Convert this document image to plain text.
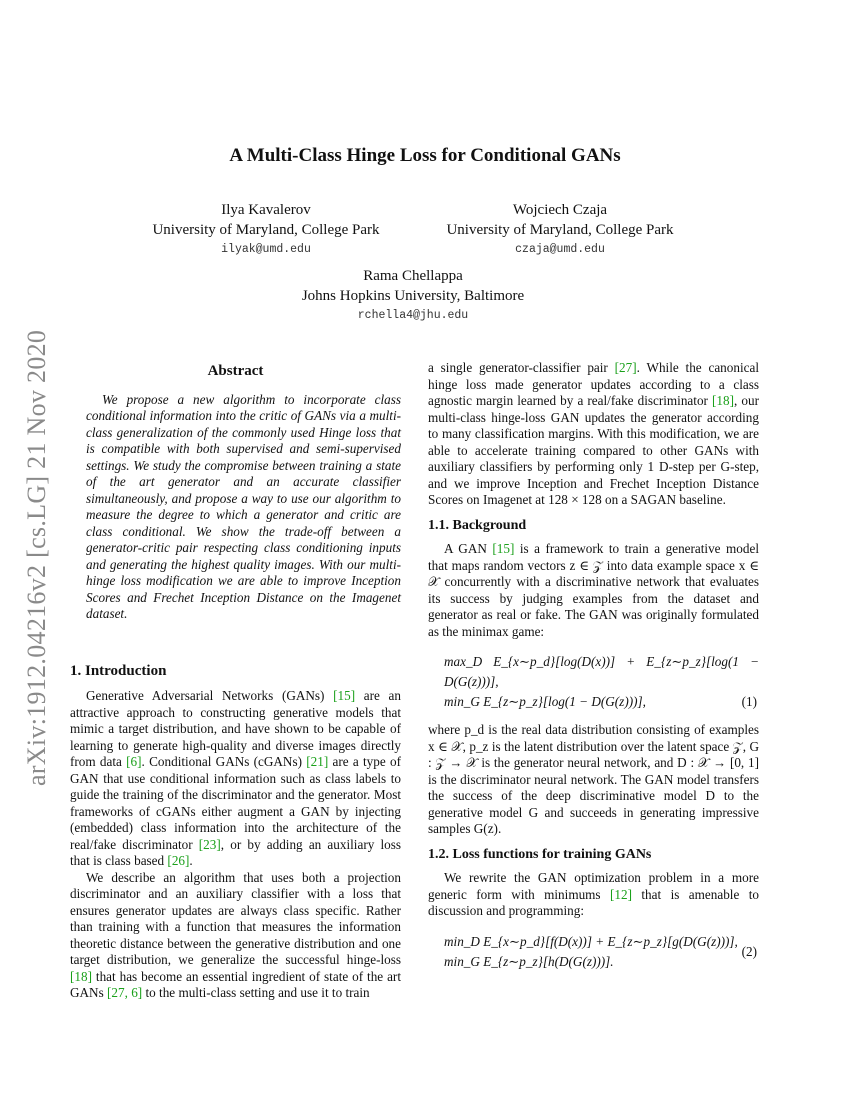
arXiv:1912.04216v2 [cs.LG] 21 Nov 2020
A Multi-Class Hinge Loss for Conditional GANs
Ilya Kavalerov
University of Maryland, College Park
ilyak@umd.edu
Wojciech Czaja
University of Maryland, College Park
czaja@umd.edu
Rama Chellappa
Johns Hopkins University, Baltimore
rchella4@jhu.edu
Abstract

We propose a new algorithm to incorporate class conditional information into the critic of GANs via a multi-class generalization of the commonly used Hinge loss that is compatible with both supervised and semi-supervised settings. We study the compromise between training a state of the art generator and an accurate classifier simultaneously, and propose a way to use our algorithm to measure the degree to which a generator and critic are class conditional. We show the trade-off between a generator-critic pair respecting class conditioning inputs and generating the highest quality images. With our multi-hinge loss modification we are able to improve Inception Scores and Frechet Inception Distance on the Imagenet dataset.

1. Introduction

Generative Adversarial Networks (GANs) [15] are an attractive approach to constructing generative models that mimic a target distribution, and have shown to be capable of learning to generate high-quality and diverse images directly from data [6]. Conditional GANs (cGANs) [21] are a type of GAN that use conditional information such as class labels to guide the training of the discriminator and the generator. Most frameworks of cGANs either augment a GAN by injecting (embedded) class information into the architecture of the real/fake discriminator [23], or by adding an auxiliary loss that is class based [26].

We describe an algorithm that uses both a projection discriminator and an auxiliary classifier with a loss that ensures generator updates are always class specific. Rather than training with a function that measures the information theoretic distance between the generative distribution and one target distribution, we generalize the successful hinge-loss [18] that has become an essential ingredient of state of the art GANs [27, 6] to the multi-class setting and use it to train

a single generator-classifier pair [27]. While the canonical hinge loss made generator updates according to a class agnostic margin learned by a real/fake discriminator [18], our multi-class hinge-loss GAN updates the generator according to many classification margins. With this modification, we are able to accelerate training compared to other GANs with auxiliary classifiers by performing only 1 D-step per G-step, and we improve Inception and Frechet Inception Distance Scores on Imagenet at 128 × 128 on a SAGAN baseline.

1.1. Background

A GAN [15] is a framework to train a generative model that maps random vectors z ∈ 𝒵 into data example space x ∈ 𝒳 concurrently with a discriminative network that evaluates its success by judging examples from the dataset and generator as real or fake. The GAN was originally formulated as the minimax game:

max_D E_{x∼p_d}[log(D(x))] + E_{z∼p_z}[log(1 − D(G(z)))],
min_G E_{z∼p_z}[log(1 − D(G(z)))],	(1)

where p_d is the real data distribution consisting of examples x ∈ 𝒳, p_z is the latent distribution over the latent space 𝒵, G : 𝒵 → 𝒳 is the generator neural network, and D : 𝒳 → [0, 1] is the discriminator neural network. The GAN model transfers the success of the deep discriminative model D to the generative model G and succeeds in generating impressive samples G(z).

1.2. Loss functions for training GANs

We rewrite the GAN optimization problem in a more generic form with minimums [12] that is amenable to discussion and programming:

min_D E_{x∼p_d}[f(D(x))] + E_{z∼p_z}[g(D(G(z)))],
(2)
min_G E_{z∼p_z}[h(D(G(z)))].
